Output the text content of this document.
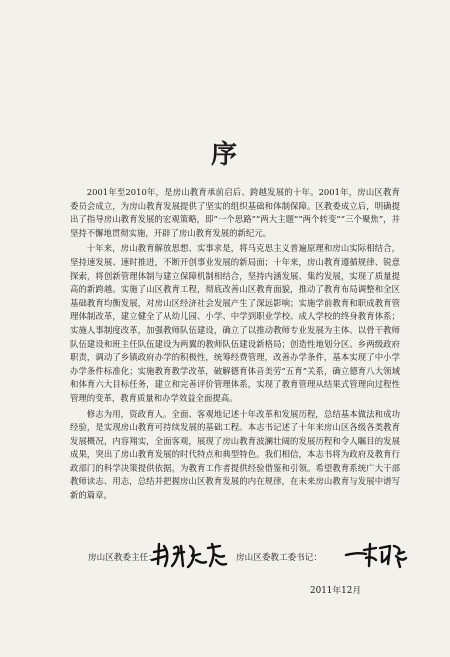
序

2001年至2010年，是房山教育承前启后、跨越发展的十年。2001年，房山区教育委员会成立，为房山教育发展提供了坚实的组织基础和体制保障。区教委成立后，明确提出了指导房山教育发展的宏观策略，即“一个思路”“两大主题”“两个转变”“三个聚焦”，并坚持不懈地贯彻实施，开辟了房山教育发展的新纪元。

十年来，房山教育解放思想、实事求是，将马克思主义普遍原理和房山实际相结合，坚持速发展、速时推进，不断开创事业发展的新局面；十年来，房山教育遵循规律、锐意探索，将创新管理体制与建立保障机制相结合，坚持内涵发展、集约发展，实现了质量提高的新跨越。实施了山区教育工程，彻底改善山区教育面貌，推动了教育布局调整和全区基础教育均衡发展，对房山区经济社会发展产生了深远影响；实施学前教育和职成教育管理体制改革，建立健全了从幼儿园、小学、中学到职业学校、成人学校的终身教育体系；实施人事制度改革，加强教师队伍建设，确立了以推动教师专业发展为主体、以骨干教师队伍建设和班主任队伍建设为两翼的教师队伍建设新格局；创造性地划分区、乡两级政府职责，调动了乡镇政府办学的积极性，统筹经费管理，改善办学条件，基本实现了中小学办学条件标准化；实施教育教学改革，破解德育体音美劳“五育”关系，确立德育八大领域和体育六大目标任务，建立和完善评价管理体系，实现了教育管理从结果式管理向过程性管理的变革，教育质量和办学效益全面提高。

修志为用，资政育人。全面、客观地记述十年改革和发展历程，总结基本做法和成功经验，是实现房山教育可持续发展的基础工程。本志书记述了十年来房山区各级各类教育发展概况，内容翔实，全面客观，展现了房山教育波澜壮阔的发展历程和令人瞩目的发展成果，突出了房山教育发展的时代特点和典型特色。我们相信，本志书将为政府及教育行政部门的科学决策提供依据，为教育工作者提供经验借鉴和引领。希望教育系统广大干部教师读志、用志，总结并把握房山区教育发展的内在规律，在未来房山教育与发展中谱写新的篇章。

房山区教委主任：	房山区委教工委书记：
2011年12月
